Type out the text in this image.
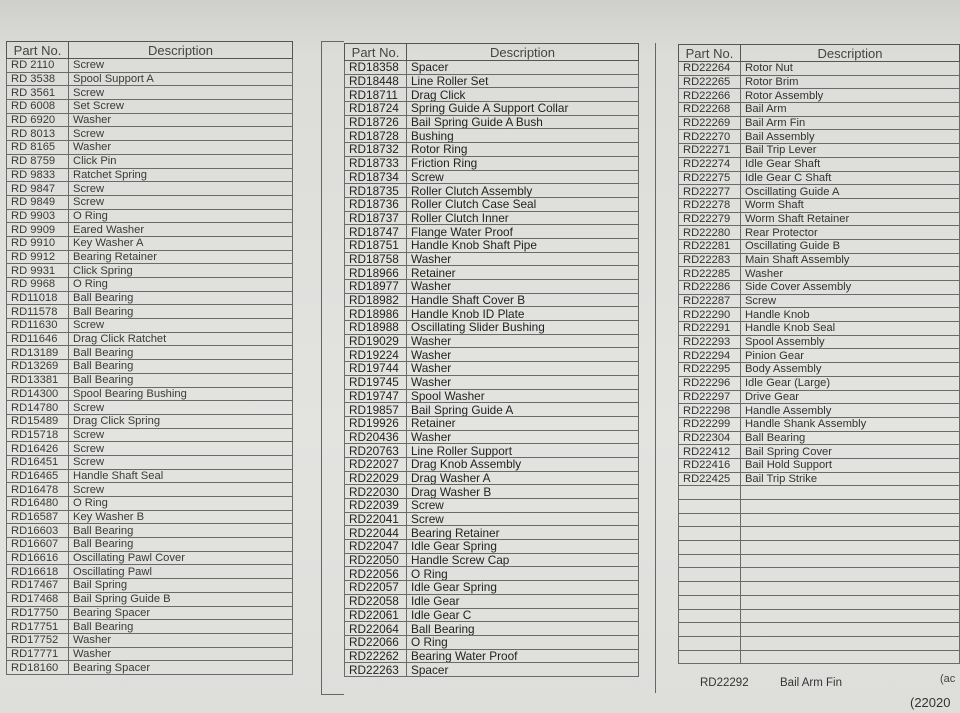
Part No.	Description
RD 2110	Screw
RD 3538	Spool Support A
RD 3561	Screw
RD 6008	Set Screw
RD 6920	Washer
RD 8013	Screw
RD 8165	Washer
RD 8759	Click Pin
RD 9833	Ratchet Spring
RD 9847	Screw
RD 9849	Screw
RD 9903	O Ring
RD 9909	Eared Washer
RD 9910	Key Washer A
RD 9912	Bearing Retainer
RD 9931	Click Spring
RD 9968	O Ring
RD11018	Ball Bearing
RD11578	Ball Bearing
RD11630	Screw
RD11646	Drag Click Ratchet
RD13189	Ball Bearing
RD13269	Ball Bearing
RD13381	Ball Bearing
RD14300	Spool Bearing Bushing
RD14780	Screw
RD15489	Drag Click Spring
RD15718	Screw
RD16426	Screw
RD16451	Screw
RD16465	Handle Shaft Seal
RD16478	Screw
RD16480	O Ring
RD16587	Key Washer B
RD16603	Ball Bearing
RD16607	Ball Bearing
RD16616	Oscillating Pawl Cover
RD16618	Oscillating Pawl
RD17467	Bail Spring
RD17468	Bail Spring Guide B
RD17750	Bearing Spacer
RD17751	Ball Bearing
RD17752	Washer
RD17771	Washer
RD18160	Bearing Spacer
Part No.	Description
RD18358	Spacer
RD18448	Line Roller Set
RD18711	Drag Click
RD18724	Spring Guide A Support Collar
RD18726	Bail Spring Guide A Bush
RD18728	Bushing
RD18732	Rotor Ring
RD18733	Friction Ring
RD18734	Screw
RD18735	Roller Clutch Assembly
RD18736	Roller Clutch Case Seal
RD18737	Roller Clutch Inner
RD18747	Flange Water Proof
RD18751	Handle Knob Shaft Pipe
RD18758	Washer
RD18966	Retainer
RD18977	Washer
RD18982	Handle Shaft Cover B
RD18986	Handle Knob ID Plate
RD18988	Oscillating Slider Bushing
RD19029	Washer
RD19224	Washer
RD19744	Washer
RD19745	Washer
RD19747	Spool Washer
RD19857	Bail Spring Guide A
RD19926	Retainer
RD20436	Washer
RD20763	Line Roller Support
RD22027	Drag Knob Assembly
RD22029	Drag Washer A
RD22030	Drag Washer B
RD22039	Screw
RD22041	Screw
RD22044	Bearing Retainer
RD22047	Idle Gear Spring
RD22050	Handle Screw Cap
RD22056	O Ring
RD22057	Idle Gear Spring
RD22058	Idle Gear
RD22061	Idle Gear C
RD22064	Ball Bearing
RD22066	O Ring
RD22262	Bearing Water Proof
RD22263	Spacer
Part No.	Description
RD22264	Rotor Nut
RD22265	Rotor Brim
RD22266	Rotor Assembly
RD22268	Bail Arm
RD22269	Bail Arm Fin
RD22270	Bail Assembly
RD22271	Bail Trip Lever
RD22274	Idle Gear Shaft
RD22275	Idle Gear C Shaft
RD22277	Oscillating Guide A
RD22278	Worm Shaft
RD22279	Worm Shaft Retainer
RD22280	Rear Protector
RD22281	Oscillating Guide B
RD22283	Main Shaft Assembly
RD22285	Washer
RD22286	Side Cover Assembly
RD22287	Screw
RD22290	Handle Knob
RD22291	Handle Knob Seal
RD22293	Spool Assembly
RD22294	Pinion Gear
RD22295	Body Assembly
RD22296	Idle Gear (Large)
RD22297	Drive Gear
RD22298	Handle Assembly
RD22299	Handle Shank Assembly
RD22304	Ball Bearing
RD22412	Bail Spring Cover
RD22416	Bail Hold Support
RD22425	Bail Trip Strike

RD22292	Bail Arm Fin	(ac
(22020
